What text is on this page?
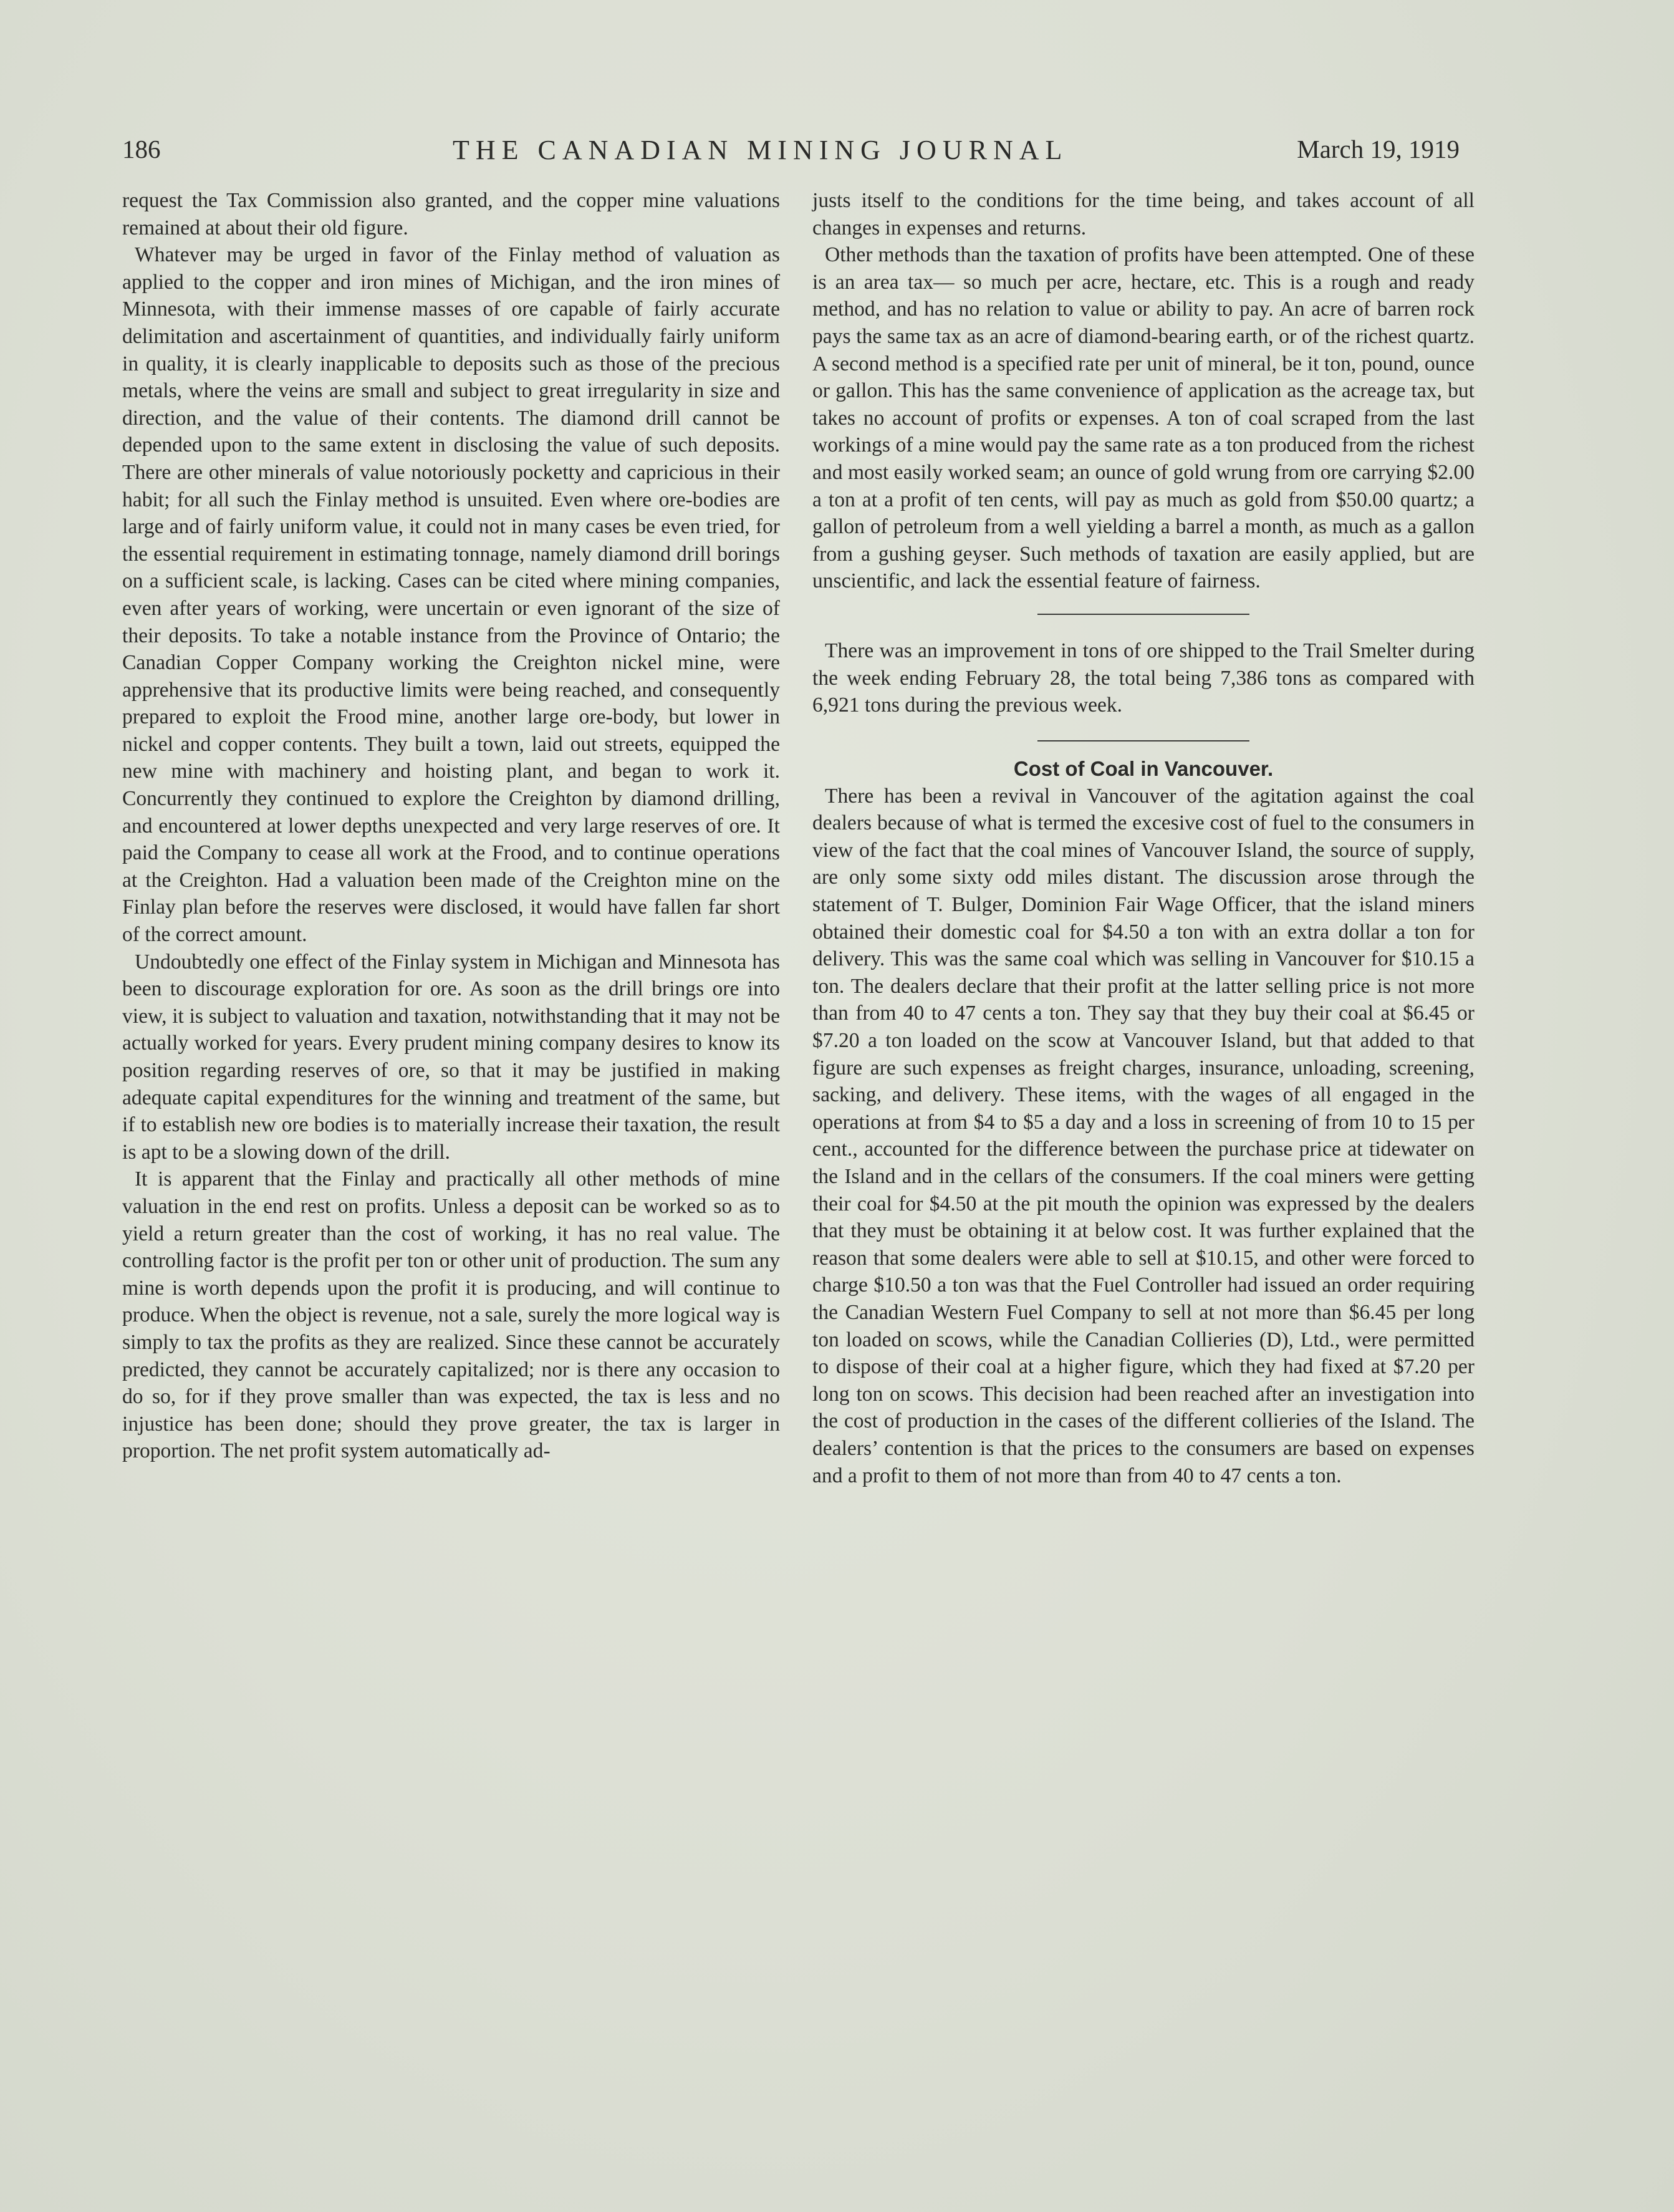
186	THE CANADIAN MINING JOURNAL	March 19, 1919

request the Tax Commission also granted, and the copper mine valuations remained at about their old figure.

Whatever may be urged in favor of the Finlay method of valuation as applied to the copper and iron mines of Michigan, and the iron mines of Minnesota, with their immense masses of ore capable of fairly accurate delimitation and ascertainment of quantities, and individually fairly uniform in quality, it is clearly inapplicable to deposits such as those of the precious metals, where the veins are small and subject to great irregularity in size and direction, and the value of their contents. The diamond drill cannot be depended upon to the same extent in disclosing the value of such deposits. There are other minerals of value notoriously pocketty and capricious in their habit; for all such the Finlay method is unsuited. Even where ore-bodies are large and of fairly uniform value, it could not in many cases be even tried, for the essential requirement in estimating tonnage, namely diamond drill borings on a sufficient scale, is lacking. Cases can be cited where mining companies, even after years of working, were uncertain or even ignorant of the size of their deposits. To take a notable instance from the Province of Ontario; the Canadian Copper Company working the Creighton nickel mine, were apprehensive that its productive limits were being reached, and consequently prepared to exploit the Frood mine, another large ore-body, but lower in nickel and copper contents. They built a town, laid out streets, equipped the new mine with machinery and hoisting plant, and began to work it. Concurrently they continued to explore the Creighton by diamond drilling, and encountered at lower depths unexpected and very large reserves of ore. It paid the Company to cease all work at the Frood, and to continue operations at the Creighton. Had a valuation been made of the Creighton mine on the Finlay plan before the reserves were disclosed, it would have fallen far short of the correct amount.

Undoubtedly one effect of the Finlay system in Michigan and Minnesota has been to discourage exploration for ore. As soon as the drill brings ore into view, it is subject to valuation and taxation, notwithstanding that it may not be actually worked for years. Every prudent mining company desires to know its position regarding reserves of ore, so that it may be justified in making adequate capital expenditures for the winning and treatment of the same, but if to establish new ore bodies is to materially increase their taxation, the result is apt to be a slowing down of the drill.

It is apparent that the Finlay and practically all other methods of mine valuation in the end rest on profits. Unless a deposit can be worked so as to yield a return greater than the cost of working, it has no real value. The controlling factor is the profit per ton or other unit of production. The sum any mine is worth depends upon the profit it is producing, and will continue to produce. When the object is revenue, not a sale, surely the more logical way is simply to tax the profits as they are realized. Since these cannot be accurately predicted, they cannot be accurately capitalized; nor is there any occasion to do so, for if they prove smaller than was expected, the tax is less and no injustice has been done; should they prove greater, the tax is larger in proportion. The net profit system automatically ad-

justs itself to the conditions for the time being, and takes account of all changes in expenses and returns.

Other methods than the taxation of profits have been attempted. One of these is an area tax— so much per acre, hectare, etc. This is a rough and ready method, and has no relation to value or ability to pay. An acre of barren rock pays the same tax as an acre of diamond-bearing earth, or of the richest quartz. A second method is a specified rate per unit of mineral, be it ton, pound, ounce or gallon. This has the same convenience of application as the acreage tax, but takes no account of profits or expenses. A ton of coal scraped from the last workings of a mine would pay the same rate as a ton produced from the richest and most easily worked seam; an ounce of gold wrung from ore carrying $2.00 a ton at a profit of ten cents, will pay as much as gold from $50.00 quartz; a gallon of petroleum from a well yielding a barrel a month, as much as a gallon from a gushing geyser. Such methods of taxation are easily applied, but are unscientific, and lack the essential feature of fairness.

There was an improvement in tons of ore shipped to the Trail Smelter during the week ending February 28, the total being 7,386 tons as compared with 6,921 tons during the previous week.

Cost of Coal in Vancouver.

There has been a revival in Vancouver of the agitation against the coal dealers because of what is termed the excesive cost of fuel to the consumers in view of the fact that the coal mines of Vancouver Island, the source of supply, are only some sixty odd miles distant. The discussion arose through the statement of T. Bulger, Dominion Fair Wage Officer, that the island miners obtained their domestic coal for $4.50 a ton with an extra dollar a ton for delivery. This was the same coal which was selling in Vancouver for $10.15 a ton. The dealers declare that their profit at the latter selling price is not more than from 40 to 47 cents a ton. They say that they buy their coal at $6.45 or $7.20 a ton loaded on the scow at Vancouver Island, but that added to that figure are such expenses as freight charges, insurance, unloading, screening, sacking, and delivery. These items, with the wages of all engaged in the operations at from $4 to $5 a day and a loss in screening of from 10 to 15 per cent., accounted for the difference between the purchase price at tidewater on the Island and in the cellars of the consumers. If the coal miners were getting their coal for $4.50 at the pit mouth the opinion was expressed by the dealers that they must be obtaining it at below cost. It was further explained that the reason that some dealers were able to sell at $10.15, and other were forced to charge $10.50 a ton was that the Fuel Controller had issued an order requiring the Canadian Western Fuel Company to sell at not more than $6.45 per long ton loaded on scows, while the Canadian Collieries (D), Ltd., were permitted to dispose of their coal at a higher figure, which they had fixed at $7.20 per long ton on scows. This decision had been reached after an investigation into the cost of production in the cases of the different collieries of the Island. The dealers’ contention is that the prices to the consumers are based on expenses and a profit to them of not more than from 40 to 47 cents a ton.
